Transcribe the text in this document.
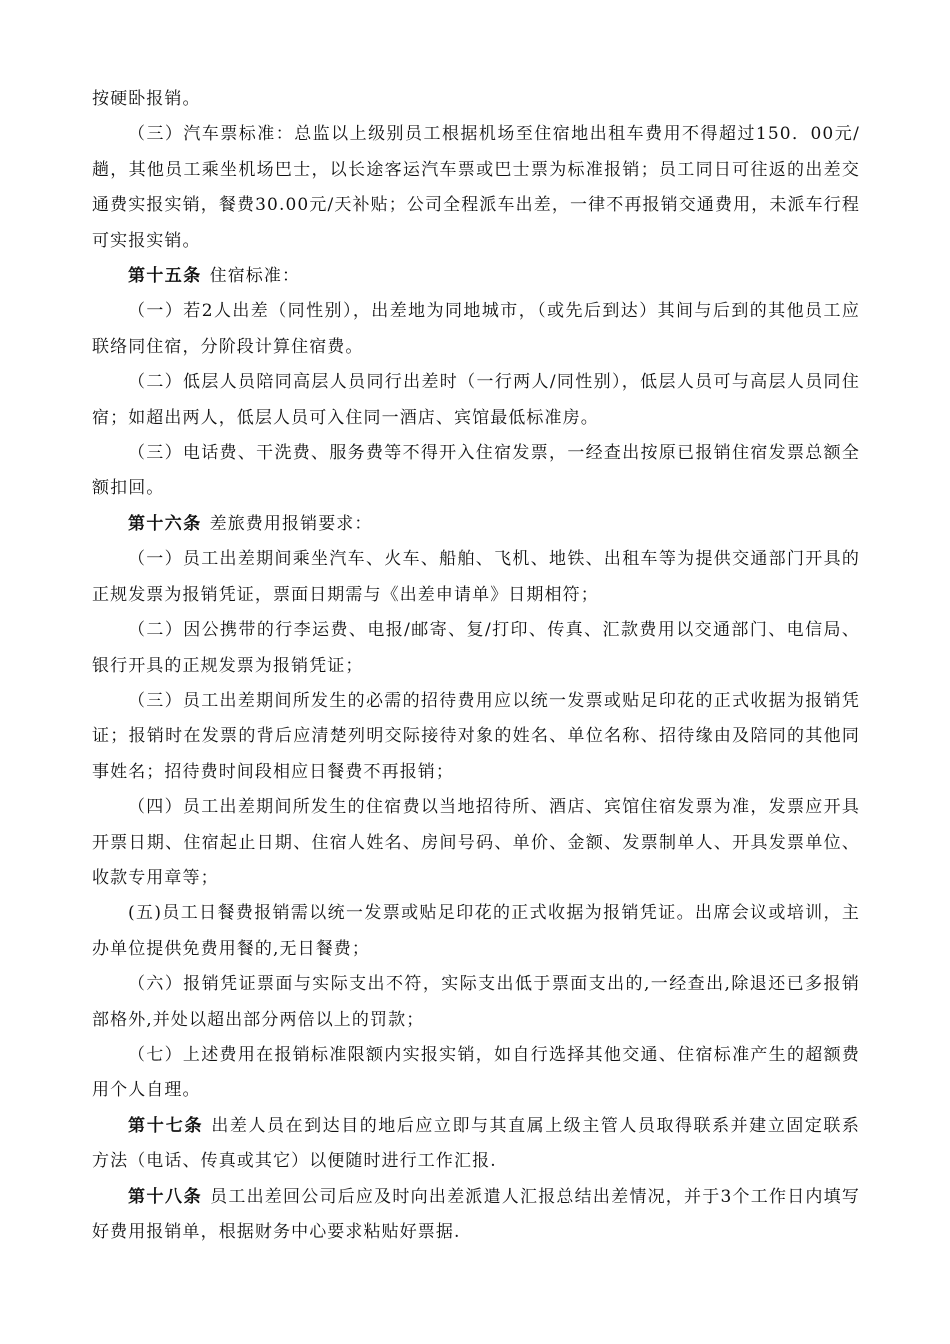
按硬卧报销。

（三）汽车票标准：总监以上级别员工根据机场至住宿地出租车费用不得超过150．00元/趟，其他员工乘坐机场巴士，以长途客运汽车票或巴士票为标准报销；员工同日可往返的出差交通费实报实销，餐费30.00元/天补贴；公司全程派车出差，一律不再报销交通费用，未派车行程可实报实销。

第十五条 住宿标准：

（一）若2人出差（同性别），出差地为同地城市，（或先后到达）其间与后到的其他员工应联络同住宿，分阶段计算住宿费。

（二）低层人员陪同高层人员同行出差时（一行两人/同性别），低层人员可与高层人员同住宿；如超出两人，低层人员可入住同一酒店、宾馆最低标准房。

（三）电话费、干洗费、服务费等不得开入住宿发票，一经查出按原已报销住宿发票总额全额扣回。

第十六条 差旅费用报销要求：

（一）员工出差期间乘坐汽车、火车、船舶、飞机、地铁、出租车等为提供交通部门开具的正规发票为报销凭证，票面日期需与《出差申请单》日期相符；

（二）因公携带的行李运费、电报/邮寄、复/打印、传真、汇款费用以交通部门、电信局、银行开具的正规发票为报销凭证；

（三）员工出差期间所发生的必需的招待费用应以统一发票或贴足印花的正式收据为报销凭证；报销时在发票的背后应清楚列明交际接待对象的姓名、单位名称、招待缘由及陪同的其他同事姓名；招待费时间段相应日餐费不再报销；

（四）员工出差期间所发生的住宿费以当地招待所、酒店、宾馆住宿发票为准，发票应开具开票日期、住宿起止日期、住宿人姓名、房间号码、单价、金额、发票制单人、开具发票单位、收款专用章等；

(五)员工日餐费报销需以统一发票或贴足印花的正式收据为报销凭证。出席会议或培训，主办单位提供免费用餐的,无日餐费；

（六）报销凭证票面与实际支出不符，实际支出低于票面支出的,一经查出,除退还已多报销部格外,并处以超出部分两倍以上的罚款；

（七）上述费用在报销标准限额内实报实销，如自行选择其他交通、住宿标准产生的超额费用个人自理。

第十七条 出差人员在到达目的地后应立即与其直属上级主管人员取得联系并建立固定联系方法（电话、传真或其它）以便随时进行工作汇报.

第十八条 员工出差回公司后应及时向出差派遣人汇报总结出差情况，并于3个工作日内填写好费用报销单，根据财务中心要求粘贴好票据.
